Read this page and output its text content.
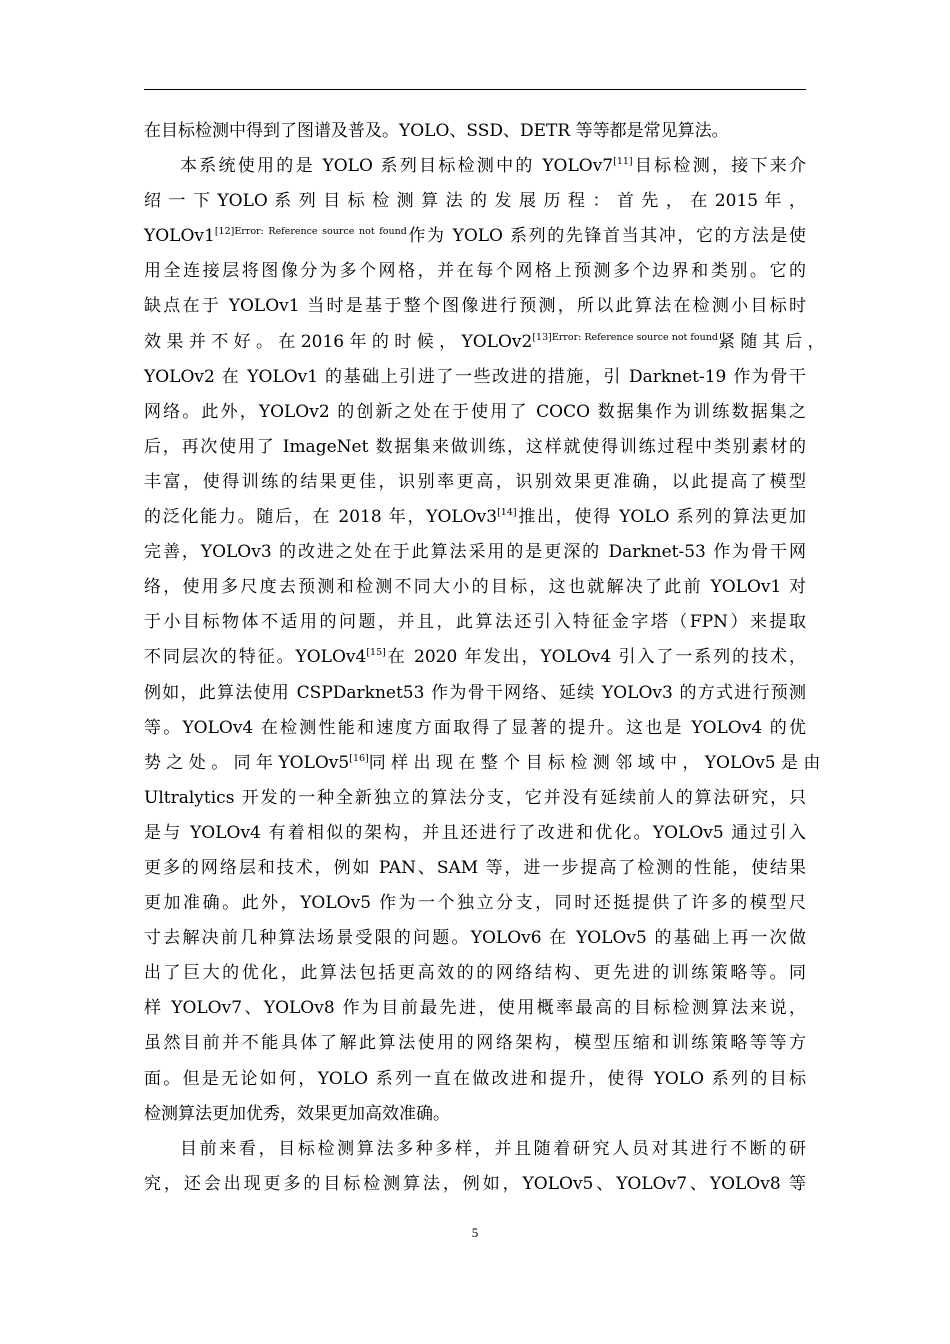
在目标检测中得到了图谱及普及。YOLO、SSD、DETR 等等都是常见算法。
本系统使用的是 YOLO 系列目标检测中的 YOLOv7[11]目标检测，接下来介
绍 一 下 YOLO 系 列 目 标 检 测 算 法 的 发 展 历 程 ： 首 先 ， 在 2015 年 ，
$YOLOv1^{[12]Error: Reference source not found}$作为 YOLO 系列的先锋首当其冲，它的方法是使
用全连接层将图像分为多个网格，并在每个网格上预测多个边界和类别。它的
缺点在于 YOLOv1 当时是基于整个图像进行预测，所以此算法在检测小目标时
效 果 并 不 好 。 在 2016 年 的 时 候 ， $YOLOv2^{[13]Error: Reference source not found}$紧 随 其 后 ，
YOLOv2 在 YOLOv1 的基础上引进了一些改进的措施，引 Darknet-19 作为骨干
网络。此外，YOLOv2 的创新之处在于使用了 COCO 数据集作为训练数据集之
后，再次使用了 ImageNet 数据集来做训练，这样就使得训练过程中类别素材的
丰富，使得训练的结果更佳，识别率更高，识别效果更准确，以此提高了模型
的泛化能力。随后，在 2018 年，YOLOv3[14]推出，使得 YOLO 系列的算法更加
完善，YOLOv3 的改进之处在于此算法采用的是更深的 Darknet-53 作为骨干网
络，使用多尺度去预测和检测不同大小的目标，这也就解决了此前 YOLOv1 对
于小目标物体不适用的问题，并且，此算法还引入特征金字塔（FPN）来提取
不同层次的特征。YOLOv4[15]在 2020 年发出，YOLOv4 引入了一系列的技术，
例如，此算法使用 CSPDarknet53 作为骨干网络、延续 YOLOv3 的方式进行预测
等。YOLOv4 在检测性能和速度方面取得了显著的提升。这也是 YOLOv4 的优
势 之 处 。 同 年 YOLOv5[16]同 样 出 现 在 整 个 目 标 检 测 邻 域 中 ， YOLOv5 是 由
Ultralytics 开发的一种全新独立的算法分支，它并没有延续前人的算法研究，只
是与 YOLOv4 有着相似的架构，并且还进行了改进和优化。YOLOv5 通过引入
更多的网络层和技术，例如 PAN、SAM 等，进一步提高了检测的性能，使结果
更加准确。此外，YOLOv5 作为一个独立分支，同时还挺提供了许多的模型尺
寸去解决前几种算法场景受限的问题。YOLOv6 在 YOLOv5 的基础上再一次做
出了巨大的优化，此算法包括更高效的的网络结构、更先进的训练策略等。同
样 YOLOv7、YOLOv8 作为目前最先进，使用概率最高的目标检测算法来说，
虽然目前并不能具体了解此算法使用的网络架构，模型压缩和训练策略等等方
面。但是无论如何，YOLO 系列一直在做改进和提升，使得 YOLO 系列的目标
检测算法更加优秀，效果更加高效准确。
目前来看，目标检测算法多种多样，并且随着研究人员对其进行不断的研
究，还会出现更多的目标检测算法，例如，YOLOv5、YOLOv7、YOLOv8 等
5
